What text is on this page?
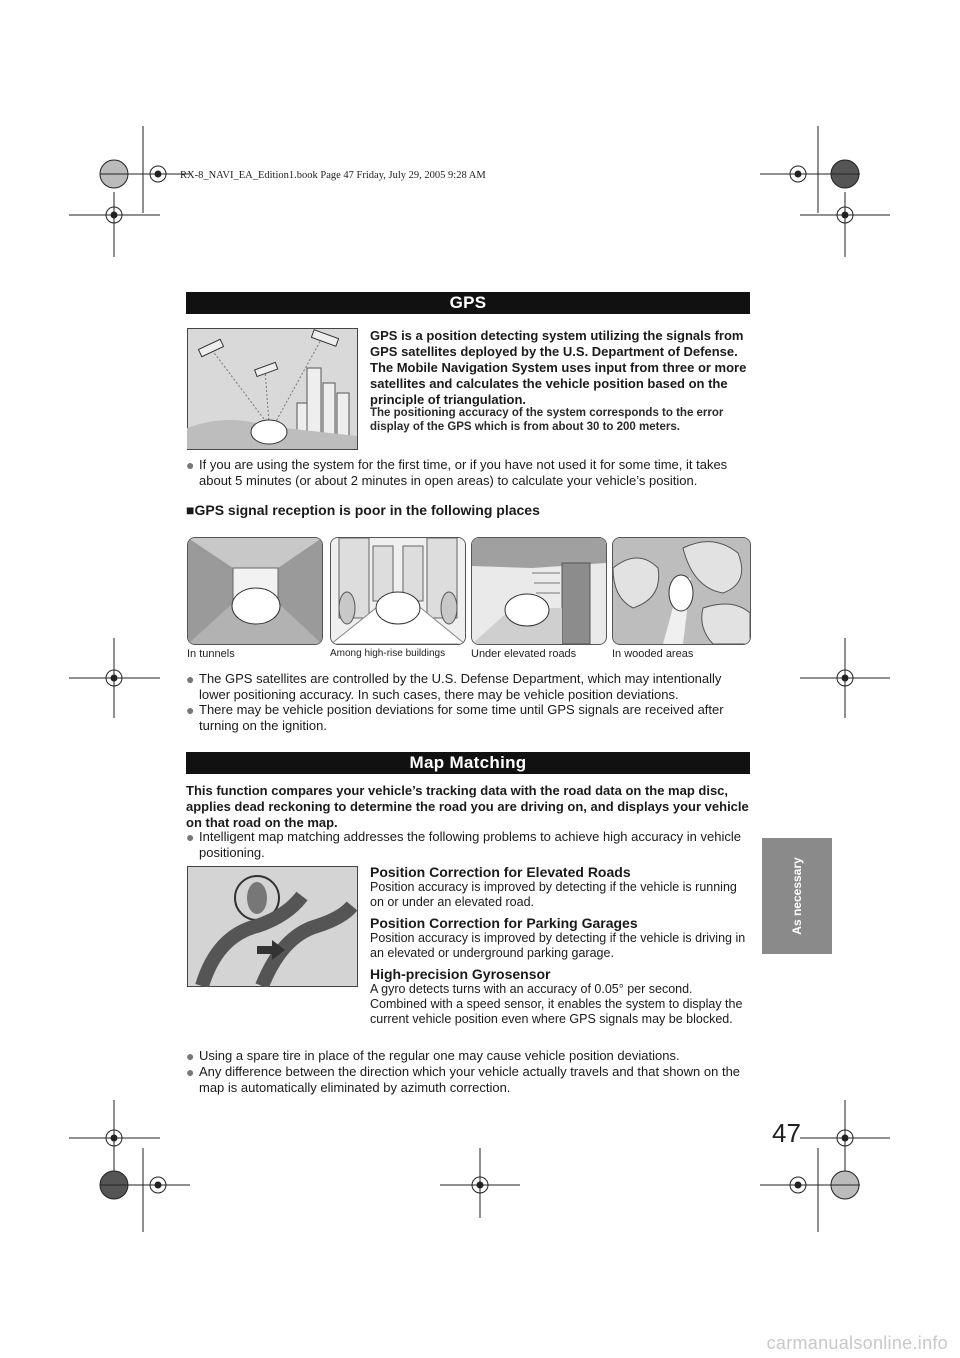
RX-8_NAVI_EA_Edition1.book Page 47 Friday, July 29, 2005 9:28 AM
GPS
GPS is a position detecting system utilizing the signals from GPS satellites deployed by the U.S. Department of Defense. The Mobile Navigation System uses input from three or more satellites and calculates the vehicle position based on the principle of triangulation.
The positioning accuracy of the system corresponds to the error display of the GPS which is from about 30 to 200 meters.
● If you are using the system for the first time, or if you have not used it for some time, it takes about 5 minutes (or about 2 minutes in open areas) to calculate your vehicle’s position.
■GPS signal reception is poor in the following places
In tunnels	Among high-rise buildings Under elevated roads	In wooded areas
● The GPS satellites are controlled by the U.S. Defense Department, which may intentionally lower positioning accuracy. In such cases, there may be vehicle position deviations.
● There may be vehicle position deviations for some time until GPS signals are received after turning on the ignition.
Map Matching
This function compares your vehicle’s tracking data with the road data on the map disc, applies dead reckoning to determine the road you are driving on, and displays your vehicle on that road on the map.
● Intelligent map matching addresses the following problems to achieve high accuracy in vehicle positioning.
Position Correction for Elevated Roads
Position accuracy is improved by detecting if the vehicle is running on or under an elevated road.
Position Correction for Parking Garages
Position accuracy is improved by detecting if the vehicle is driving in an elevated or underground parking garage.
High-precision Gyrosensor
A gyro detects turns with an accuracy of 0.05° per second. Combined with a speed sensor, it enables the system to display the current vehicle position even where GPS signals may be blocked.
● Using a spare tire in place of the regular one may cause vehicle position deviations.
● Any difference between the direction which your vehicle actually travels and that shown on the map is automatically eliminated by azimuth correction.
As necessary
47
carmanualsonline.info
